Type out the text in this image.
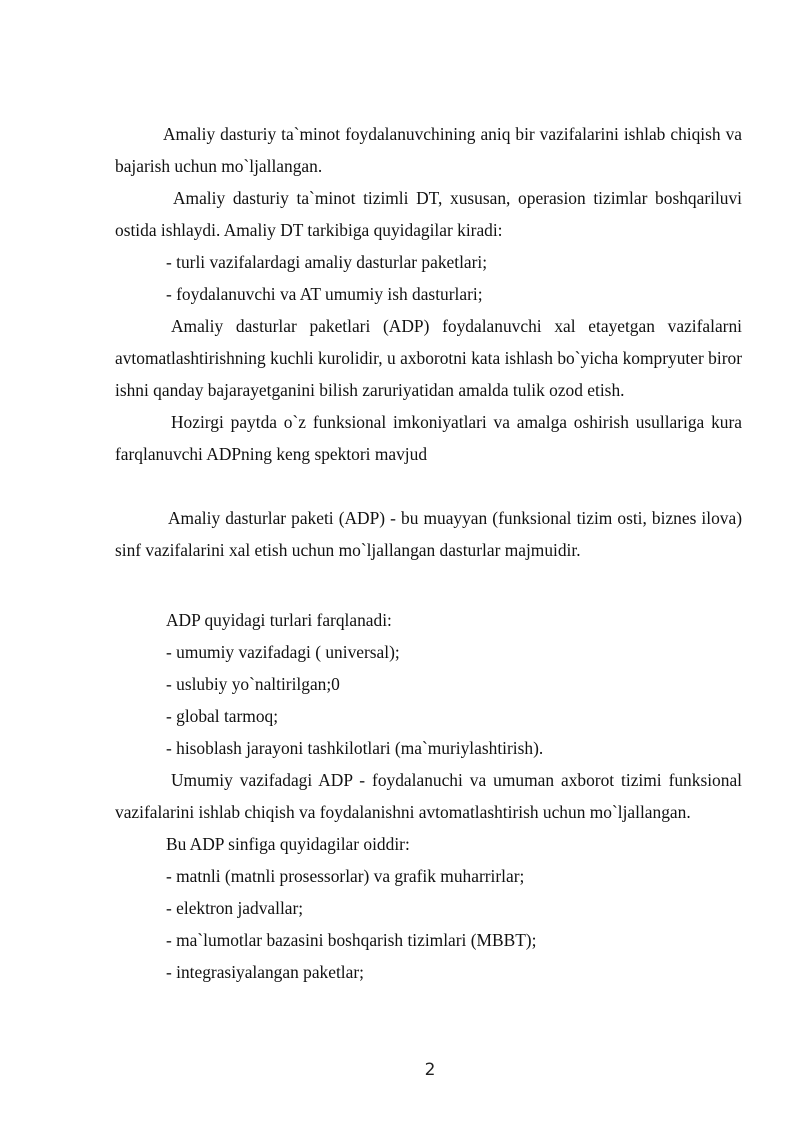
Amaliy dasturiy ta`minot foydalanuvchining aniq bir vazifalarini ishlab chiqish va bajarish uchun mo`ljallangan.

Amaliy dasturiy ta`minot tizimli DT, xususan, operasion tizimlar boshqariluvi ostida ishlaydi. Amaliy DT tarkibiga quyidagilar kiradi:

- turli vazifalardagi amaliy dasturlar paketlari;

- foydalanuvchi va AT umumiy ish dasturlari;

Amaliy dasturlar paketlari (ADP) foydalanuvchi xal etayetgan vazifalarni avtomatlashtirishning kuchli kurolidir, u axborotni kata ishlash bo`yicha kompryuter biror ishni qanday bajarayetganini bilish zaruriyatidan amalda tulik ozod etish.

Hozirgi paytda o`z funksional imkoniyatlari va amalga oshirish usullariga kura farqlanuvchi ADPning keng spektori mavjud

Amaliy dasturlar paketi (ADP) - bu muayyan (funksional tizim osti, biznes ilova) sinf vazifalarini xal etish uchun mo`ljallangan dasturlar majmuidir.

ADP quyidagi turlari farqlanadi:

- umumiy vazifadagi ( universal);

- uslubiy yo`naltirilgan;0

- global tarmoq;

- hisoblash jarayoni tashkilotlari (ma`muriylashtirish).

Umumiy vazifadagi ADP - foydalanuchi va umuman axborot tizimi funksional vazifalarini ishlab chiqish va foydalanishni avtomatlashtirish uchun mo`ljallangan.

Bu ADP sinfiga quyidagilar oiddir:

- matnli (matnli prosessorlar) va grafik muharrirlar;

- elektron jadvallar;

- ma`lumotlar bazasini boshqarish tizimlari (MBBT);

- integrasiyalangan paketlar;

2
